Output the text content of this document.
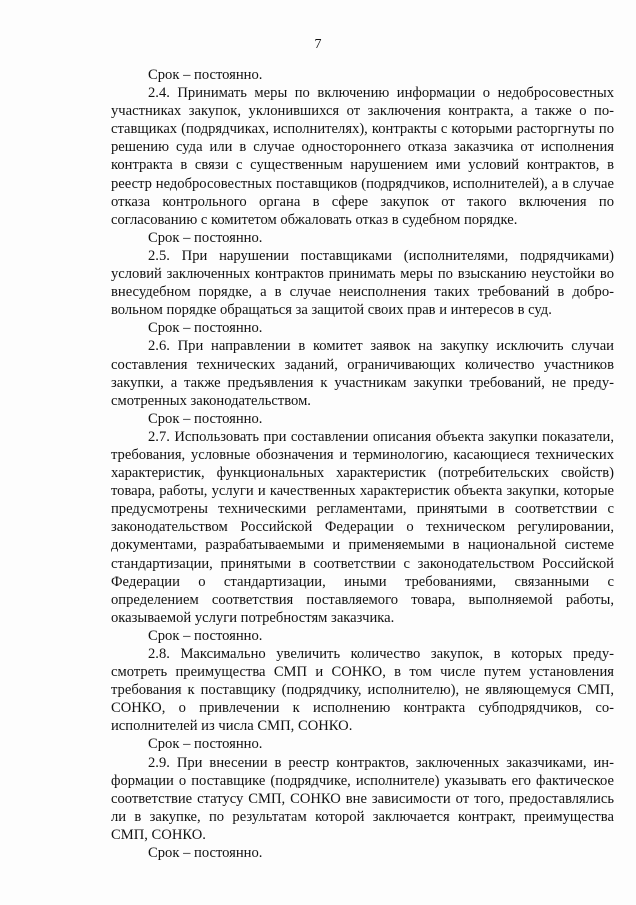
7

Срок – постоянно.

2.4. Принимать меры по включению информации о недобросовестных участниках закупок, уклонившихся от заключения контракта, а также о поставщиках (подрядчиках, исполнителях), контракты с которыми расторгнуты по решению суда или в случае одностороннего отказа заказчика от исполнения контракта в связи с существенным нарушением ими условий контрактов, в реестр недобросовестных поставщиков (подрядчиков, исполнителей), а в случае отказа контрольного органа в сфере закупок от такого включения по согласованию с комитетом обжаловать отказ в судебном порядке.

Срок – постоянно.

2.5. При нарушении поставщиками (исполнителями, подрядчиками) условий заключенных контрактов принимать меры по взысканию неустойки во внесудебном порядке, а в случае неисполнения таких требований в добровольном порядке обращаться за защитой своих прав и интересов в суд.

Срок – постоянно.

2.6. При направлении в комитет заявок на закупку исключить случаи составления технических заданий, ограничивающих количество участников закупки, а также предъявления к участникам закупки требований, не предусмотренных законодательством.

Срок – постоянно.

2.7. Использовать при составлении описания объекта закупки показатели, требования, условные обозначения и терминологию, касающиеся технических характеристик, функциональных характеристик (потребительских свойств) товара, работы, услуги и качественных характеристик объекта закупки, которые предусмотрены техническими регламентами, принятыми в соответствии с законодательством Российской Федерации о техническом регулировании, документами, разрабатываемыми и применяемыми в национальной системе стандартизации, принятыми в соответствии с законодательством Российской Федерации о стандартизации, иными требованиями, связанными с определением соответствия поставляемого товара, выполняемой работы, оказываемой услуги потребностям заказчика.

Срок – постоянно.

2.8. Максимально увеличить количество закупок, в которых предусмотреть преимущества СМП и СОНКО, в том числе путем установления требования к поставщику (подрядчику, исполнителю), не являющемуся СМП, СОНКО, о привлечении к исполнению контракта субподрядчиков, соисполнителей из числа СМП, СОНКО.

Срок – постоянно.

2.9. При внесении в реестр контрактов, заключенных заказчиками, информации о поставщике (подрядчике, исполнителе) указывать его фактическое соответствие статусу СМП, СОНКО вне зависимости от того, предоставлялись ли в закупке, по результатам которой заключается контракт, преимущества СМП, СОНКО.

Срок – постоянно.
